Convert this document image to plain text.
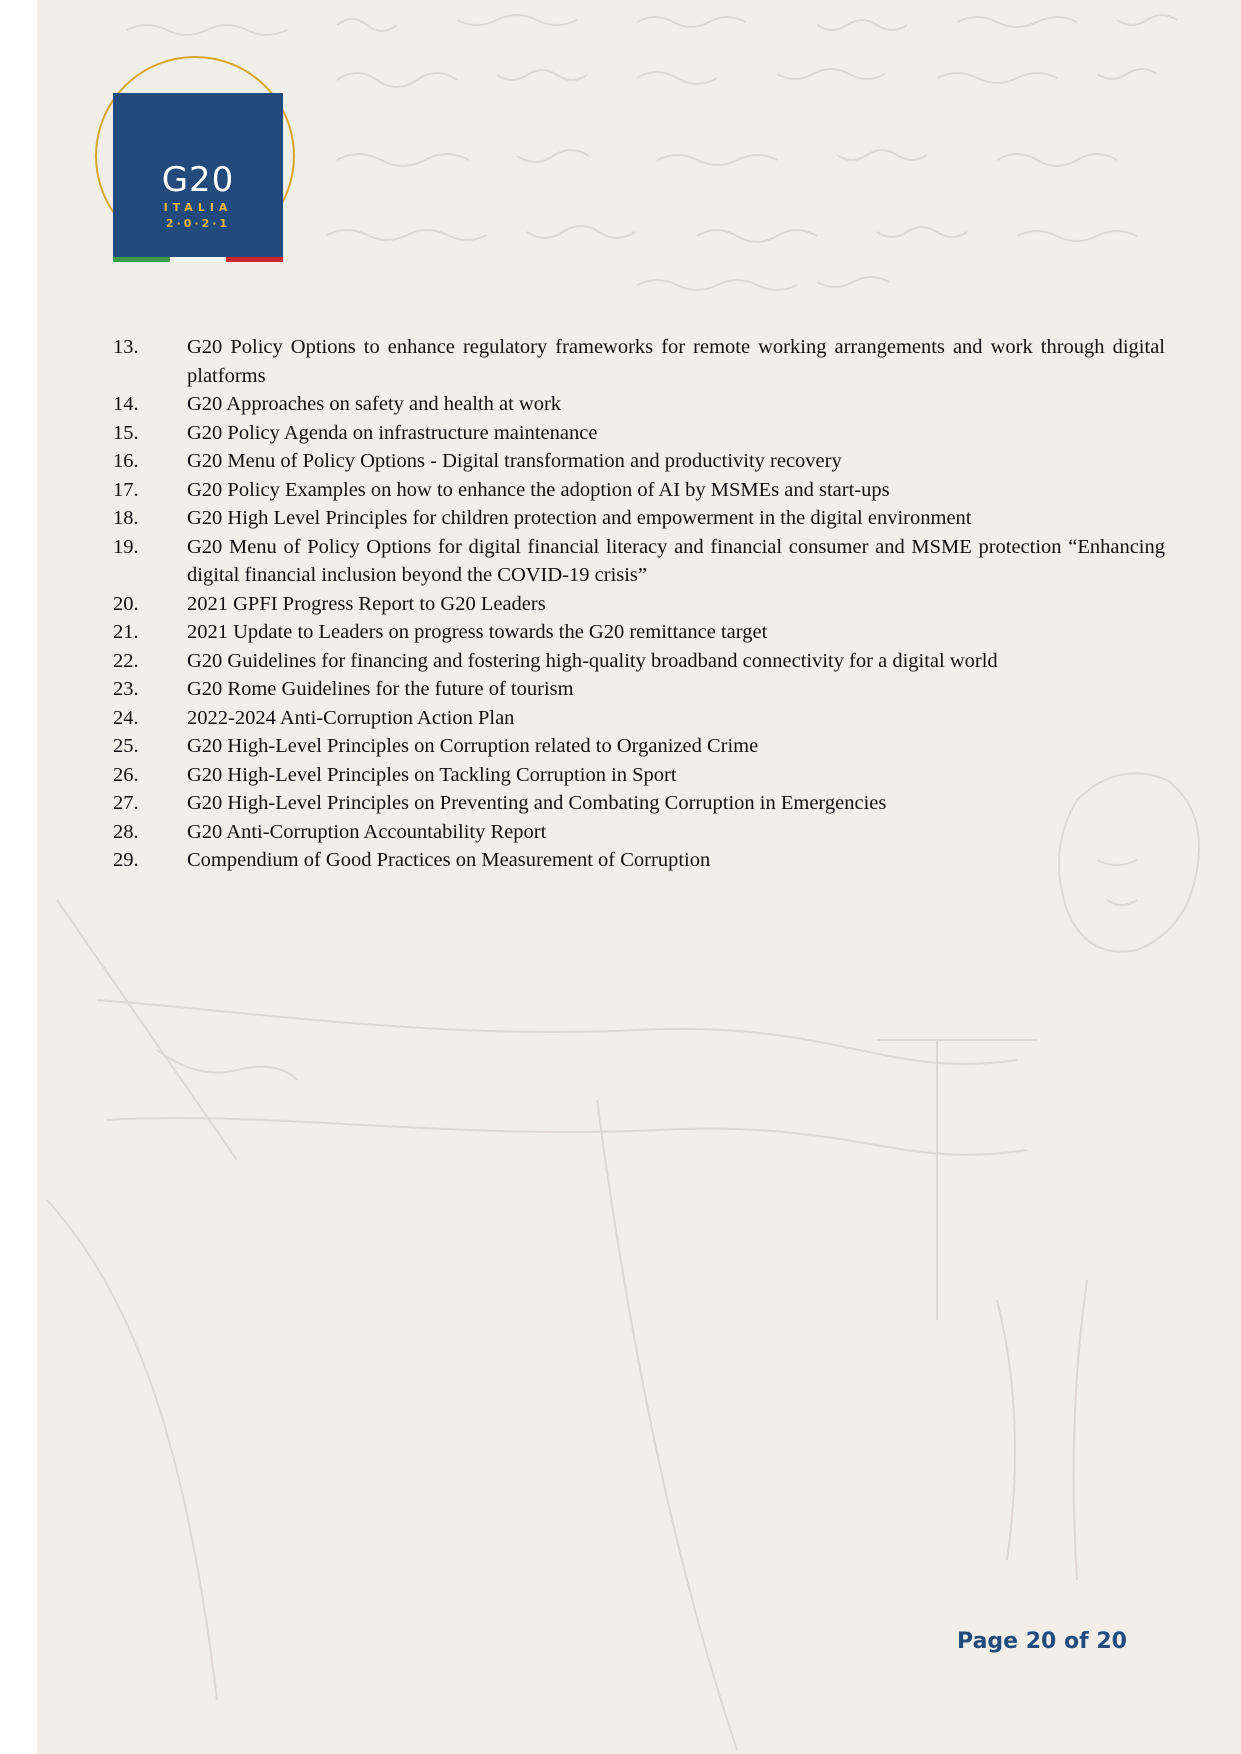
G20
ITALIA
2·0·2·1
13.	G20 Policy Options to enhance regulatory frameworks for remote working arrangements and work through digital platforms
14.	G20 Approaches on safety and health at work
15.	G20 Policy Agenda on infrastructure maintenance
16.	G20 Menu of Policy Options - Digital transformation and productivity recovery
17.	G20 Policy Examples on how to enhance the adoption of AI by MSMEs and start-ups
18.	G20 High Level Principles for children protection and empowerment in the digital environment
19.	G20 Menu of Policy Options for digital financial literacy and financial consumer and MSME protection “Enhancing digital financial inclusion beyond the COVID-19 crisis”
20.	2021 GPFI Progress Report to G20 Leaders
21.	2021 Update to Leaders on progress towards the G20 remittance target
22.	G20 Guidelines for financing and fostering high-quality broadband connectivity for a digital world
23.	G20 Rome Guidelines for the future of tourism
24.	2022-2024 Anti-Corruption Action Plan
25.	G20 High-Level Principles on Corruption related to Organized Crime
26.	G20 High-Level Principles on Tackling Corruption in Sport
27.	G20 High-Level Principles on Preventing and Combating Corruption in Emergencies
28.	G20 Anti-Corruption Accountability Report
29.	Compendium of Good Practices on Measurement of Corruption
Page 20 of 20
